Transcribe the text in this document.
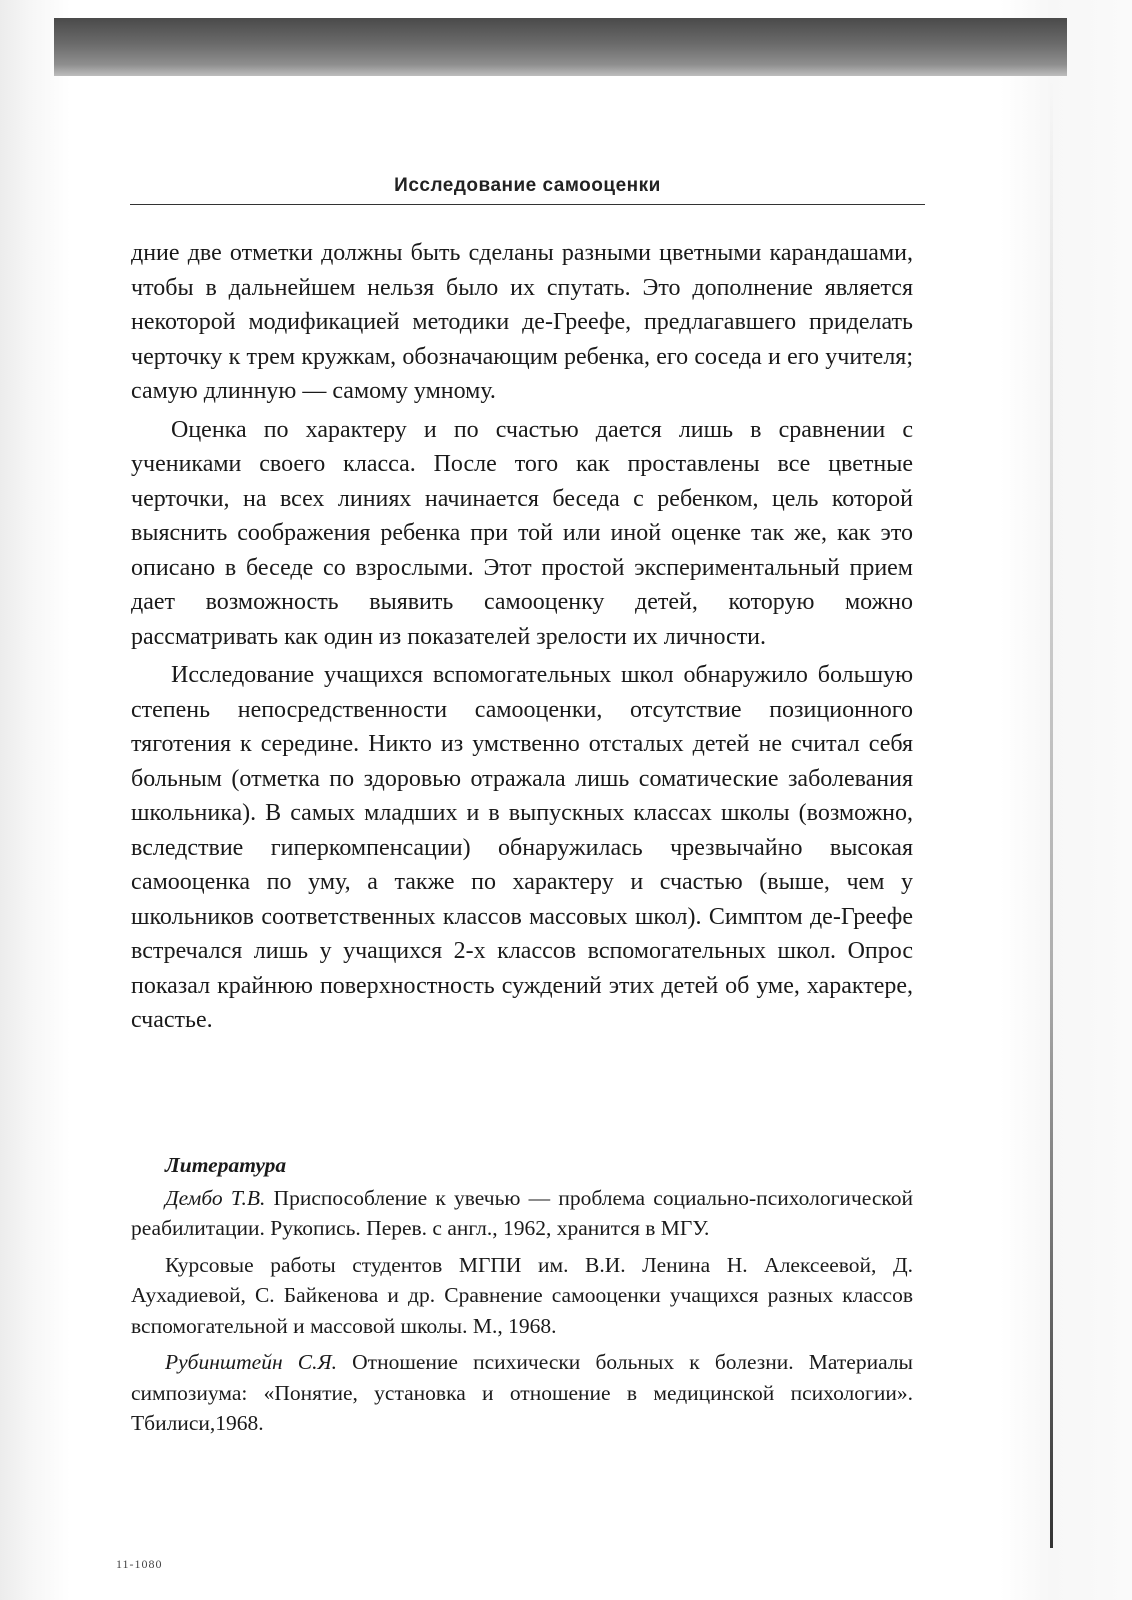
Исследование самооценки

дние две отметки должны быть сделаны разными цветными карандашами, чтобы в дальнейшем нельзя было их спутать. Это дополнение является некоторой модификацией методики де-Греефе, предлагавшего приделать черточку к трем кружкам, обозначающим ребенка, его соседа и его учителя; самую длинную — самому умному.

Оценка по характеру и по счастью дается лишь в сравнении с учениками своего класса. После того как проставлены все цветные черточки, на всех линиях начинается беседа с ребенком, цель которой выяснить соображения ребенка при той или иной оценке так же, как это описано в беседе со взрослыми. Этот простой экспериментальный прием дает возможность выявить самооценку детей, которую можно рассматривать как один из показателей зрелости их личности.

Исследование учащихся вспомогательных школ обнаружило большую степень непосредственности самооценки, отсутствие позиционного тяготения к середине. Никто из умственно отсталых детей не считал себя больным (отметка по здоровью отражала лишь соматические заболевания школьника). В самых младших и в выпускных классах школы (возможно, вследствие гиперкомпенсации) обнаружилась чрезвычайно высокая самооценка по уму, а также по характеру и счастью (выше, чем у школьников соответственных классов массовых школ). Симптом де-Греефе встречался лишь у учащихся 2-х классов вспомогательных школ. Опрос показал крайнюю поверхностность суждений этих детей об уме, характере, счастье.

Литература

Дембо Т.В. Приспособление к увечью — проблема социально-психологической реабилитации. Рукопись. Перев. с англ., 1962, хранится в МГУ.

Курсовые работы студентов МГПИ им. В.И. Ленина Н. Алексеевой, Д. Аухадиевой, С. Байкенова и др. Сравнение самооценки учащихся разных классов вспомогательной и массовой школы. М., 1968.

Рубинштейн С.Я. Отношение психически больных к болезни. Материалы симпозиума: «Понятие, установка и отношение в медицинской психологии». Тбилиси,1968.

11-1080
